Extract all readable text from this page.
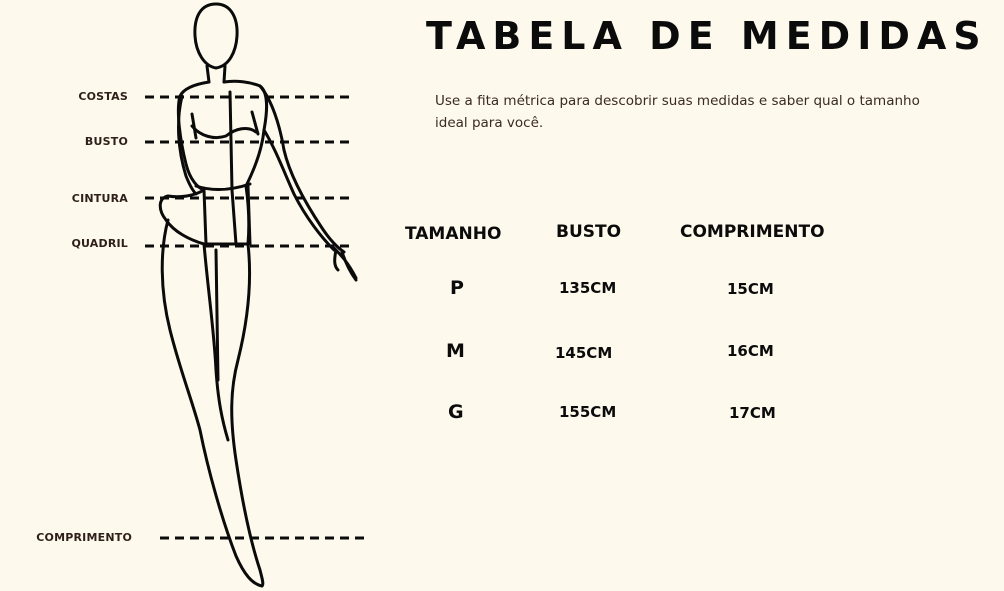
COSTAS
BUSTO
CINTURA
QUADRIL
COMPRIMENTO
TABELA DE MEDIDAS
Use a fita métrica para descobrir suas medidas e saber qual o tamanho ideal para você.
TAMANHO	BUSTO	COMPRIMENTO
P	135CM	15CM
M	145CM	16CM
G	155CM	17CM
